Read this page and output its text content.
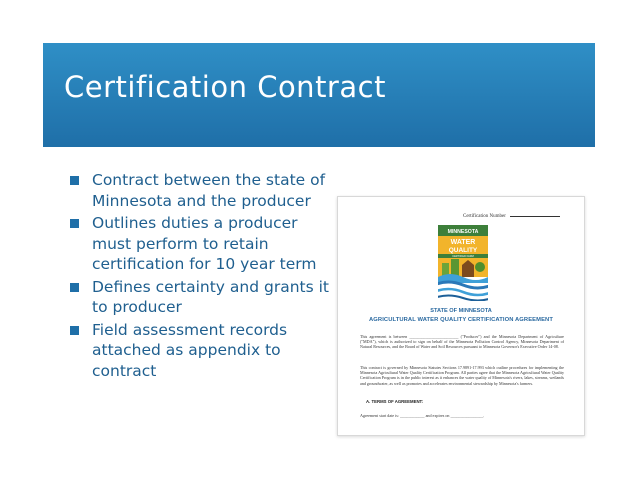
Certification Contract
Contract between the state of Minnesota and the producer
Outlines duties a producer must perform to retain certification for 10 year term
Defines certainty and grants it to producer
Field assessment records attached as appendix to contract
Certification Number
MINNESOTA
WATER
QUALITY
CERTIFIED FARM
STATE OF MINNESOTA
AGRICULTURAL WATER QUALITY CERTIFICATION AGREEMENT
This agreement is between ________________________ ("Producer") and the Minnesota Department of Agriculture ("MDA"), which is authorized to sign on behalf of the Minnesota Pollution Control Agency, Minnesota Department of Natural Resources, and the Board of Water and Soil Resources pursuant to Minnesota Governor's Executive Order 14-08.
This contract is governed by Minnesota Statutes Sections 17.9891-17.993 which outline procedures for implementing the Minnesota Agricultural Water Quality Certification Program. All parties agree that the Minnesota Agricultural Water Quality Certification Program is in the public interest as it enhances the water quality of Minnesota's rivers, lakes, streams, wetlands and groundwater, as well as promotes and accelerates environmental stewardship by Minnesota's farmers.
A. TERMS OF AGREEMENT:
Agreement start date is: ____________ and expires on ________________.
